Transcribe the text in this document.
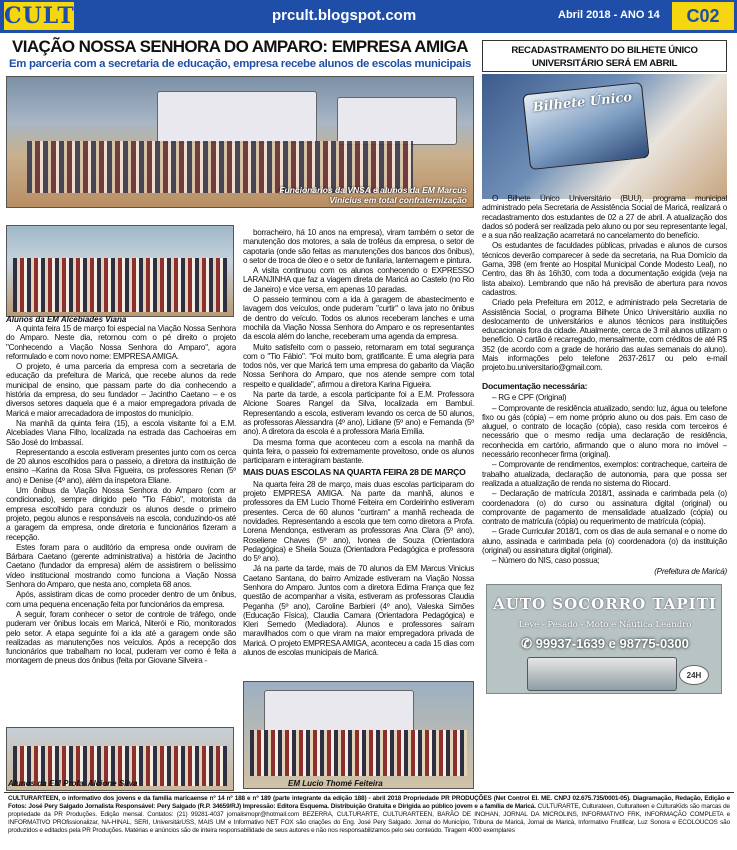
CULT	prcult.blogspot.com	Abril 2018 - ANO 14	C02
VIAÇÃO NOSSA SENHORA DO AMPARO: EMPRESA AMIGA
Em parceria com a secretaria de educação, empresa recebe alunos de escolas municipais
Funcionários da VNSA e alunos da EM Marcus Vinicius em total confraternização
Alunos da EM Alcebíades Viana

A quinta feira 15 de março foi especial na Viação Nossa Senhora do Amparo. Neste dia, retornou com o pé direito o projeto "Conhecendo a Viação Nossa Senhora do Amparo", agora reformulado e com novo nome: EMPRESA AMIGA.

O projeto, é uma parceria da empresa com a secretaria de educação da prefeitura de Maricá, que recebe alunos da rede municipal de ensino, que passam parte do dia conhecendo a história da empresa, do seu fundador – Jacintho Caetano – e os diversos setores daquela que é a maior empregadora privada de Maricá e maior arrecadadora de impostos do município.

Na manhã da quinta feira (15), a escola visitante foi a E.M. Alcebíades Viana Filho, localizada na estrada das Cachoeiras em São José do Imbassaí.

Representando a escola estiveram presentes junto com os cerca de 20 alunos escolhidos para o passeio, a diretora da instituição de ensino –Karina da Rosa Silva Figueira, os professores Renan (5º ano) e Denise (4º ano), além da inspetora Eliane.

Um ônibus da Viação Nossa Senhora do Amparo (com ar condicionado), sempre dirigido pelo "Tio Fábio", motorista da empresa escolhido para conduzir os alunos desde o primeiro projeto, pegou alunos e responsáveis na escola, conduzindo-os até a garagem da empresa, onde diretoria e funcionários fizeram a recepção.

Estes foram para o auditório da empresa onde ouviram de Bárbara Caetano (gerente administrativa) a história de Jacintho Caetano (fundador da empresa) além de assistirem o belíssimo vídeo institucional mostrando como funciona a Viação Nossa Senhora do Amparo, que nesta ano, completa 68 anos.

Após, assistiram dicas de como proceder dentro de um ônibus, com uma pequena encenação feita por funcionários da empresa.

A seguir, foram conhecer o setor de controle de tráfego, onde puderam ver ônibus locais em Maricá, Niterói e Rio, monitorados pelo setor. A etapa seguinte foi a ida até a garagem onde são realizadas as manutenções nos veículos. Após a recepção dos funcionários que trabalham no local, puderam ver como é feita a montagem de pneus dos ônibus (feita por Giovane Silveira -

borracheiro, há 10 anos na empresa), viram também o setor de manutenção dos motores, a sala de troféus da empresa, o setor de capotaria (onde são feitas as manutenções dos bancos dos ônibus), o setor de troca de óleo e o setor de funilaria, lanternagem e pintura.

A visita continuou com os alunos conhecendo o EXPRESSO LARANJINHA que faz a viagem direta de Maricá ao Castelo (no Rio de Janeiro) e vice versa, em apenas 10 paradas.

O passeio terminou com a ida à garagem de abastecimento e lavagem dos veículos, onde puderam "curtir" o lava jato no ônibus de dentro do veículo. Todos os alunos receberam lanches e uma mochila da Viação Nossa Senhora do Amparo e os representantes da escola além do lanche, receberam uma agenda da empresa.

Muito satisfeito com o passeio, retornaram em total segurança com o "Tio Fábio". "Foi muito bom, gratificante. É uma alegria para todos nós, ver que Maricá tem uma empresa do gabarito da Viação Nossa Senhora do Amparo, que nos atende sempre com total respeito e qualidade", afirmou a diretora Karina Figueira.

Na parte da tarde, a escola participante foi a E.M. Professora Alcione Soares Rangel da Silva, localizada em Bambuí. Representando a escola, estiveram levando os cerca de 50 alunos, as professoras Alessandra (4º ano), Lidiane (5º ano) e Fernanda (5º ano). A diretora da escola é a professora Maria Emília.

Da mesma forma que aconteceu com a escola na manhã da quinta feira, o passeio foi extremamente proveitoso, onde os alunos participaram e interagiram bastante.

MAIS DUAS ESCOLAS NA QUARTA FEIRA 28 DE MARÇO

Na quarta feira 28 de março, mais duas escolas participaram do projeto EMPRESA AMIGA. Na parte da manhã, alunos e professores da EM Lucio Thomé Feiteira em Cordeirinho estiveram presentes. Cerca de 60 alunos "curtiram" a manhã recheada de novidades. Representando a escola que tem como diretora a Profa. Lorena Mendonça, estiveram as professoras Ana Clara (5º ano), Roseliene Chaves (5º ano), Ivonea de Souza (Orientadora Pedagógica) e Sheila Souza (Orientadora Pedagógica e professora do 5º ano).

Já na parte da tarde, mais de 70 alunos da EM Marcus Vinicius Caetano Santana, do bairro Amizade estiveram na Viação Nossa Senhora do Amparo. Juntos com a diretora Edima França que fez questão de acompanhar a visita, estiveram as professoras Claudia Peganha (5º ano), Caroline Barbieri (4º ano), Valeska Simões (Educação Física), Claudia Camara (Orientadora Pedagógica) e Kleri Semedo (Mediadora). Alunos e professores saíram maravilhados com o que viram na maior empregadora privada de Maricá. O projeto EMPRESA AMIGA, aconteceu a cada 15 dias com alunos de escolas municipais de Maricá.

Alunos da EM Profa. Alcione Silva	EM Lucio Thomé Feiteira
RECADASTRAMENTO DO BILHETE ÚNICO UNIVERSITÁRIO SERÁ EM ABRIL
Bilhete Único

O Bilhete Único Universitário (BUU), programa municipal administrado pela Secretaria de Assistência Social de Maricá, realizará o recadastramento dos estudantes de 02 a 27 de abril. A atualização dos dados só poderá ser realizada pelo aluno ou por seu representante legal, e a sua não realização acarretará no cancelamento do benefício.

Os estudantes de faculdades públicas, privadas e alunos de cursos técnicos deverão comparecer à sede da secretaria, na Rua Domício da Gama, 398 (em frente ao Hospital Municipal Conde Modesto Leal), no Centro, das 8h às 16h30, com toda a documentação exigida (veja na lista abaixo). Lembrando que não há previsão de abertura para novos cadastros.

Criado pela Prefeitura em 2012, e administrado pela Secretaria de Assistência Social, o programa Bilhete Único Universitário auxilia no deslocamento de universitários e alunos técnicos para instituições educacionais fora da cidade. Atualmente, cerca de 3 mil alunos utilizam o benefício. O cartão é recarregado, mensalmente, com créditos de até R$ 352 (de acordo com a grade de horário das aulas semanais do aluno). Mais informações pelo telefone 2637-2617 ou pelo e-mail projeto.bu.universitario@gmail.com.

Documentação necessária:

– RG e CPF (Original)

– Comprovante de residência atualizado, sendo: luz, água ou telefone fixo ou gás (cópia) – em nome próprio aluno ou dos pais. Em caso de aluguel, o contrato de locação (cópia), caso resida com terceiros é necessário que o mesmo redija uma declaração de residência, reconhecida em cartório, afirmando que o aluno mora no imóvel – necessário reconhecer firma (original).

– Comprovante de rendimentos, exemplos: contracheque, carteira de trabalho atualizada, declaração de autonomia, para que possa ser realizada a atualização de renda no sistema do Riocard.

– Declaração de matrícula 2018/1, assinada e carimbada pela (o) coordenadora (o) do curso ou assinatura digital (original) ou comprovante de pagamento de mensalidade atualizado (cópia) ou contrato de matrícula (cópia) ou requerimento de matrícula (cópia).

– Grade Curricular 2018/1, com os dias de aula semanal e o nome do aluno, assinada e carimbada pela (o) coordenadora (o) da instituição (original) ou assinatura digital (original).

– Número do NIS, caso possua;

(Prefeitura de Maricá)

AUTO SOCORRO TAPITI
Leve - Pesado - Moto e Náutica Leandro
✆ 99937-1639 e 98775-0300
24H
CULTURARTEEN, o informativo dos jovens e da família maricaense nº 14 nº 188 e nº 189 (parte integrante da edição 188) - abril 2018 Propriedade PR PRODUÇÕES (Net Control EI. ME. CNPJ 02.675.735/0001-05). Diagramação, Redação, Edição e Fotos: José Pery Salgado Jornalista Responsável: Pery Salgado (R.P. 34659/RJ) Impressão: Editora Esquema. Distribuição Gratuita e Dirigida ao público jovem e a família de Maricá. CULTURARTE, Culturateen, Culturalteen e CulturaKids são marcas de propriedade da PR Produções. Edição mensal. Contatos: (21) 99281-4037 jornalismopr@hotmail.com BEZERRA, CULTURARTE, CULTURARTEEN, BARÃO DE INOHAN, JORNAL DA MICROLINS, INFORMATIVO FRK, INFORMAÇÃO COMPLETA e INFORMATIVO PROfissionalizar, NA-HINAL, SERI, UniversitárUSS, MAIS UM e Informativo NET FOX são criações do Eng. José Pery Salgado. Jornal do Município, Tribuna de Maricá, Jornal de Maricá, Informativo Frutificar, Luz Sonora e ECOLOUCOS são produzidos e editados pela PR Produções. Matérias e anúncios são de inteira responsabilidade de seus autores e não nos responsabilizamos pelo seu conteúdo. Tiragem 4000 exemplares
